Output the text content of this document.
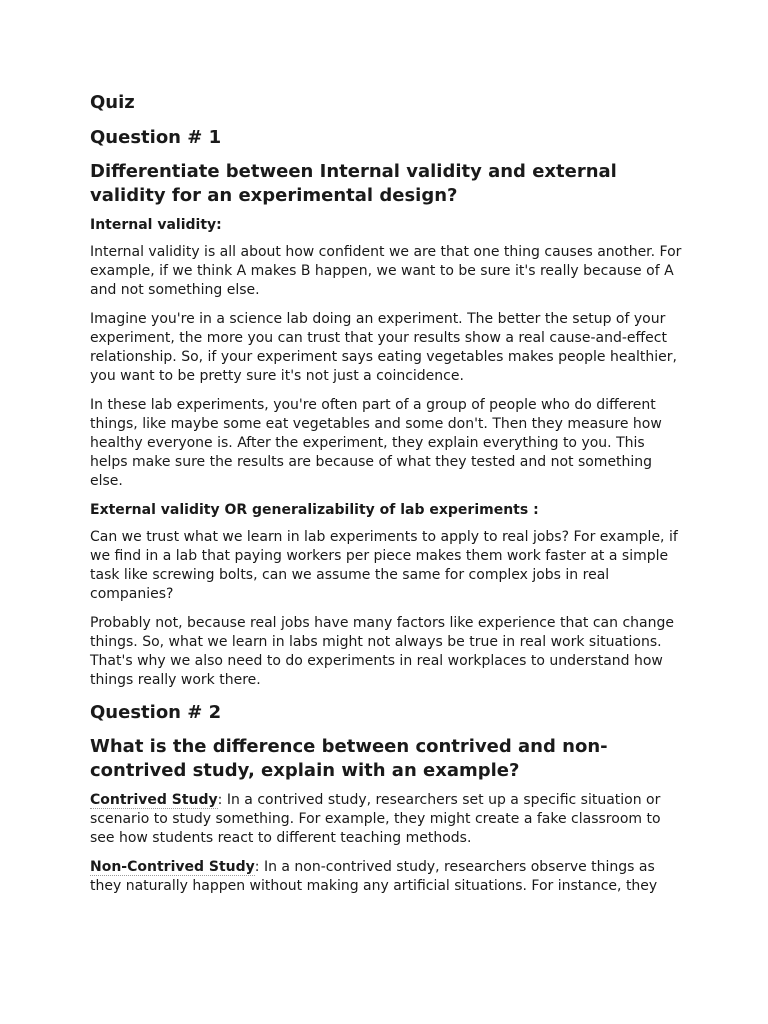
Quiz
Question # 1
Differentiate between Internal validity and external validity for an experimental design?
Internal validity:

Internal validity is all about how confident we are that one thing causes another. For example, if we think A makes B happen, we want to be sure it's really because of A and not something else.

Imagine you're in a science lab doing an experiment. The better the setup of your experiment, the more you can trust that your results show a real cause-and-effect relationship. So, if your experiment says eating vegetables makes people healthier, you want to be pretty sure it's not just a coincidence.

In these lab experiments, you're often part of a group of people who do different things, like maybe some eat vegetables and some don't. Then they measure how healthy everyone is. After the experiment, they explain everything to you. This helps make sure the results are because of what they tested and not something else.

External validity OR generalizability of lab experiments :

Can we trust what we learn in lab experiments to apply to real jobs? For example, if we find in a lab that paying workers per piece makes them work faster at a simple task like screwing bolts, can we assume the same for complex jobs in real companies?

Probably not, because real jobs have many factors like experience that can change things. So, what we learn in labs might not always be true in real work situations. That's why we also need to do experiments in real workplaces to understand how things really work there.

Question # 2
What is the difference between contrived and non-contrived study, explain with an example?

Contrived Study: In a contrived study, researchers set up a specific situation or scenario to study something. For example, they might create a fake classroom to see how students react to different teaching methods.

Non-Contrived Study: In a non-contrived study, researchers observe things as they naturally happen without making any artificial situations. For instance, they
